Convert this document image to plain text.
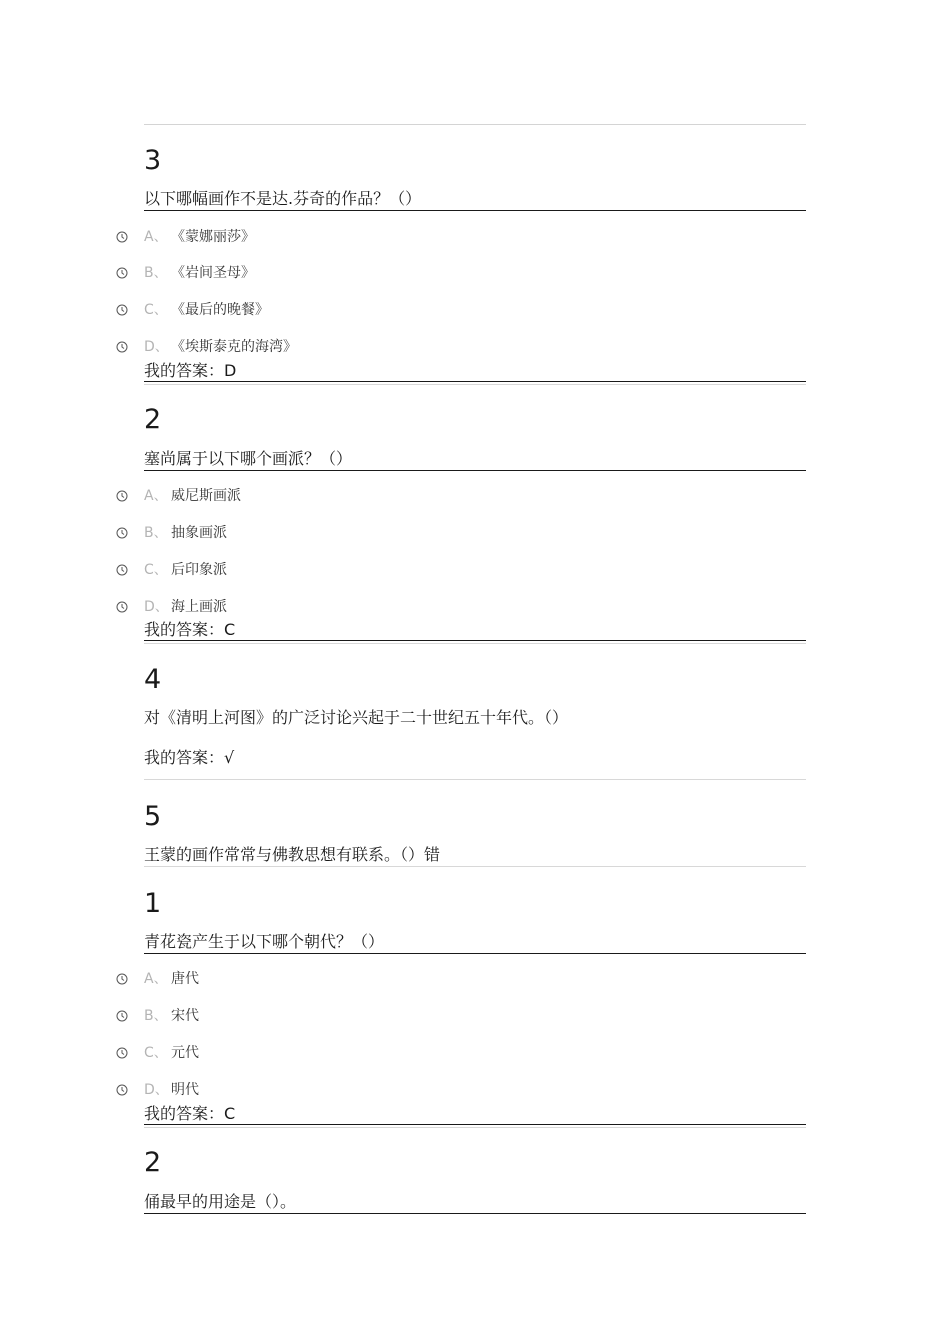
3
以下哪幅画作不是达.芬奇的作品？（）
A、 《蒙娜丽莎》
B、 《岩间圣母》
C、 《最后的晚餐》
D、 《埃斯泰克的海湾》
我的答案：D
2
塞尚属于以下哪个画派？（）
A、 威尼斯画派
B、 抽象画派
C、 后印象派
D、 海上画派
我的答案：C
4
对《清明上河图》的广泛讨论兴起于二十世纪五十年代。（）
我的答案：√
5
王蒙的画作常常与佛教思想有联系。（）错
1
青花瓷产生于以下哪个朝代？（）
A、 唐代
B、 宋代
C、 元代
D、 明代
我的答案：C
2
俑最早的用途是（）。
